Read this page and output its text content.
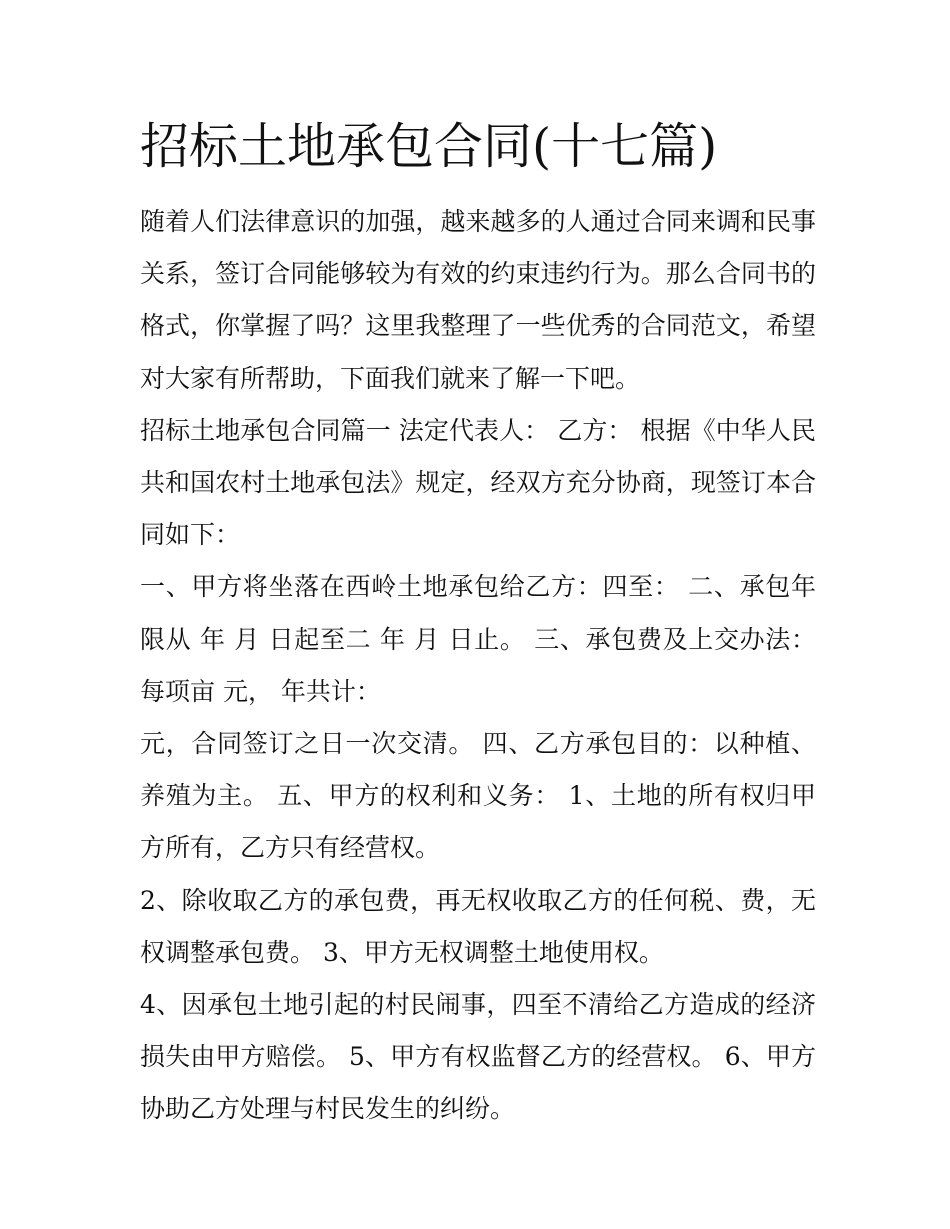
招标土地承包合同(十七篇)

随着人们法律意识的加强，越来越多的人通过合同来调和民事关系，签订合同能够较为有效的约束违约行为。那么合同书的格式，你掌握了吗？这里我整理了一些优秀的合同范文，希望对大家有所帮助，下面我们就来了解一下吧。

招标土地承包合同篇一 法定代表人： 乙方： 根据《中华人民共和国农村土地承包法》规定，经双方充分协商，现签订本合同如下：

一、甲方将坐落在西岭土地承包给乙方：四至： 二、承包年限从 年 月 日起至二 年 月 日止。 三、承包费及上交办法：每项亩 元， 年共计：

元，合同签订之日一次交清。 四、乙方承包目的：以种植、养殖为主。 五、甲方的权利和义务： 1、土地的所有权归甲方所有，乙方只有经营权。

2、除收取乙方的承包费，再无权收取乙方的任何税、费，无权调整承包费。 3、甲方无权调整土地使用权。

4、因承包土地引起的村民闹事，四至不清给乙方造成的经济损失由甲方赔偿。 5、甲方有权监督乙方的经营权。 6、甲方协助乙方处理与村民发生的纠纷。
